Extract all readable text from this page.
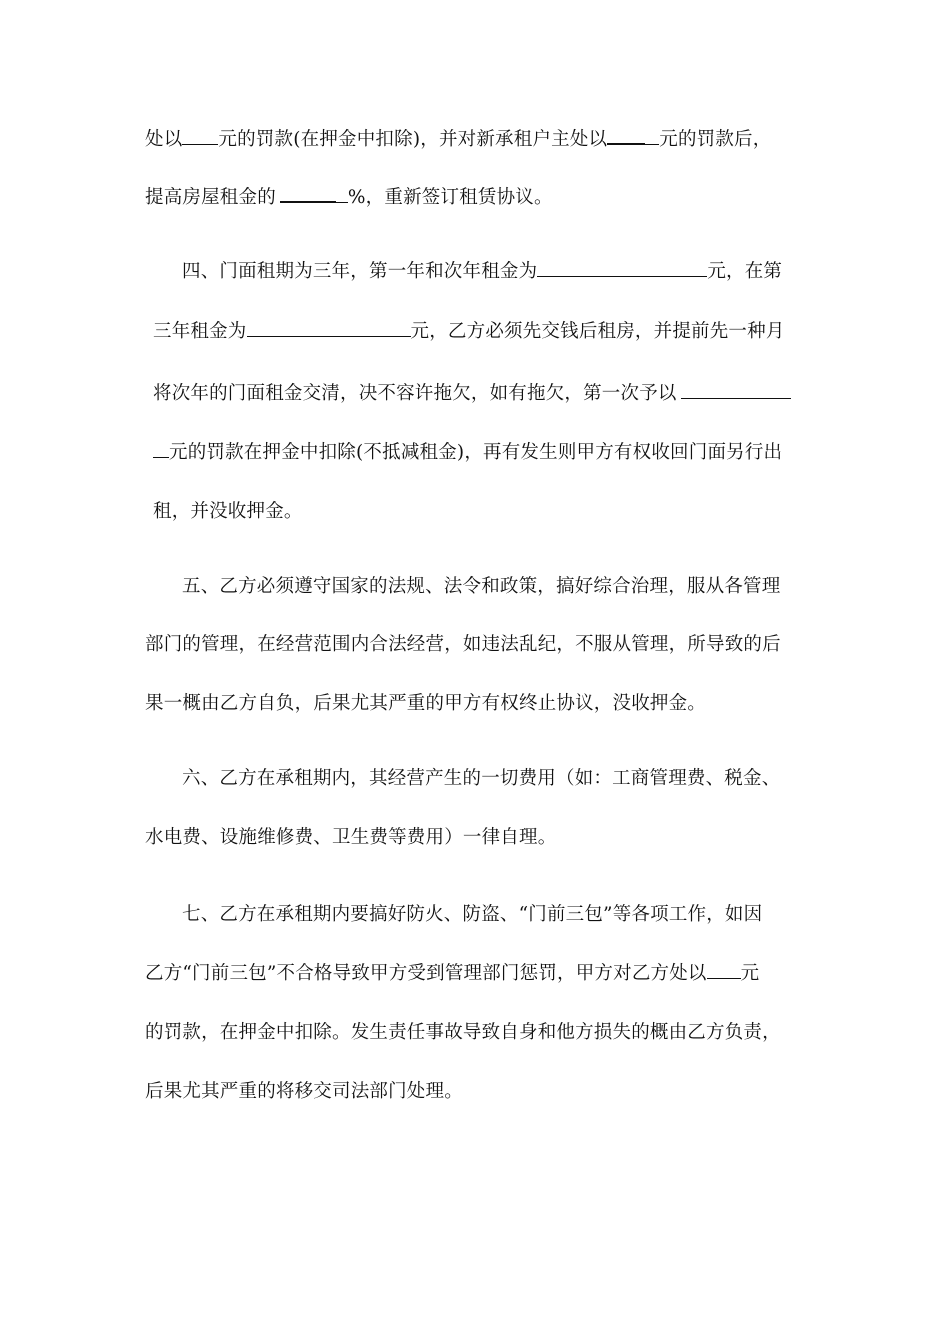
处以 元的罚款(在押金中扣除)，并对新承租户主处以	元的罚款后，
提高房屋租金的	%，重新签订租赁协议。
四、门面租期为三年，第一年和次年租金为	元，在第
三年租金为	元，乙方必须先交钱后租房，并提前先一种月
将次年的门面租金交清，决不容许拖欠，如有拖欠，第一次予以
元的罚款在押金中扣除(不抵减租金)，再有发生则甲方有权收回门面另行出
租，并没收押金。
五、乙方必须遵守国家的法规、法令和政策，搞好综合治理，服从各管理
部门的管理，在经营范围内合法经营，如违法乱纪，不服从管理，所导致的后
果一概由乙方自负，后果尤其严重的甲方有权终止协议，没收押金。
六、乙方在承租期内，其经营产生的一切费用（如：工商管理费、税金、
水电费、设施维修费、卫生费等费用）一律自理。
七、乙方在承租期内要搞好防火、防盗、“门前三包”等各项工作，如因
乙方“门前三包”不合格导致甲方受到管理部门惩罚，甲方对乙方处以 元
的罚款，在押金中扣除。发生责任事故导致自身和他方损失的概由乙方负责，
后果尤其严重的将移交司法部门处理。
